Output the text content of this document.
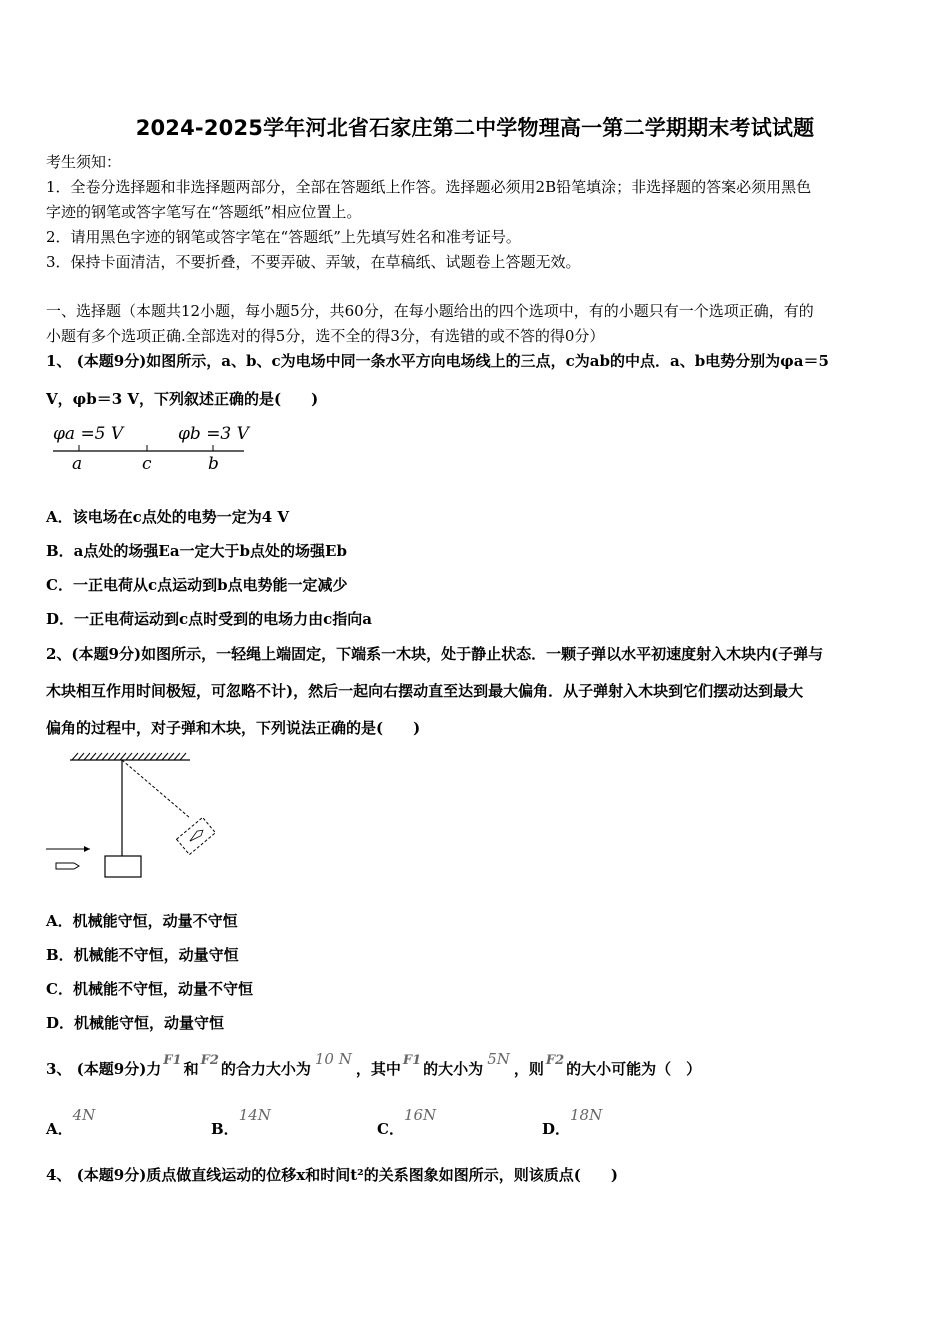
2024-2025学年河北省石家庄第二中学物理高一第二学期期末考试试题
考生须知：
1．全卷分选择题和非选择题两部分，全部在答题纸上作答。选择题必须用2B铅笔填涂；非选择题的答案必须用黑色
字迹的钢笔或答字笔写在“答题纸”相应位置上。
2．请用黑色字迹的钢笔或答字笔在“答题纸”上先填写姓名和准考证号。
3．保持卡面清洁，不要折叠，不要弄破、弄皱，在草稿纸、试题卷上答题无效。
一、选择题（本题共12小题，每小题5分，共60分，在每小题给出的四个选项中，有的小题只有一个选项正确，有的
小题有多个选项正确.全部选对的得5分，选不全的得3分，有选错的或不答的得0分）
1、 (本题9分)如图所示，a、b、c为电场中同一条水平方向电场线上的三点，c为ab的中点．a、b电势分别为φa＝5
V，φb＝3 V，下列叙述正确的是(　　)
φa =5 V	φb =3 V
a	c	b
A．该电场在c点处的电势一定为4 V
B．a点处的场强Ea一定大于b点处的场强Eb
C．一正电荷从c点运动到b点电势能一定减少
D．一正电荷运动到c点时受到的电场力由c指向a
2、(本题9分)如图所示，一轻绳上端固定，下端系一木块，处于静止状态．一颗子弹以水平初速度射入木块内(子弹与
木块相互作用时间极短，可忽略不计)，然后一起向右摆动直至达到最大偏角．从子弹射入木块到它们摆动达到最大
偏角的过程中，对子弹和木块，下列说法正确的是(　　)
A．机械能守恒，动量不守恒
B．机械能不守恒，动量守恒
C．机械能不守恒，动量不守恒
D．机械能守恒，动量守恒
3、 (本题9分)力 F1 和 F2 的合力大小为10 N，其中 F1 的大小为5N，则 F2 的大小可能为（　）
A．4N
B．14N
C．16N
D．18N
4、 (本题9分)质点做直线运动的位移x和时间t²的关系图象如图所示，则该质点(　　)
